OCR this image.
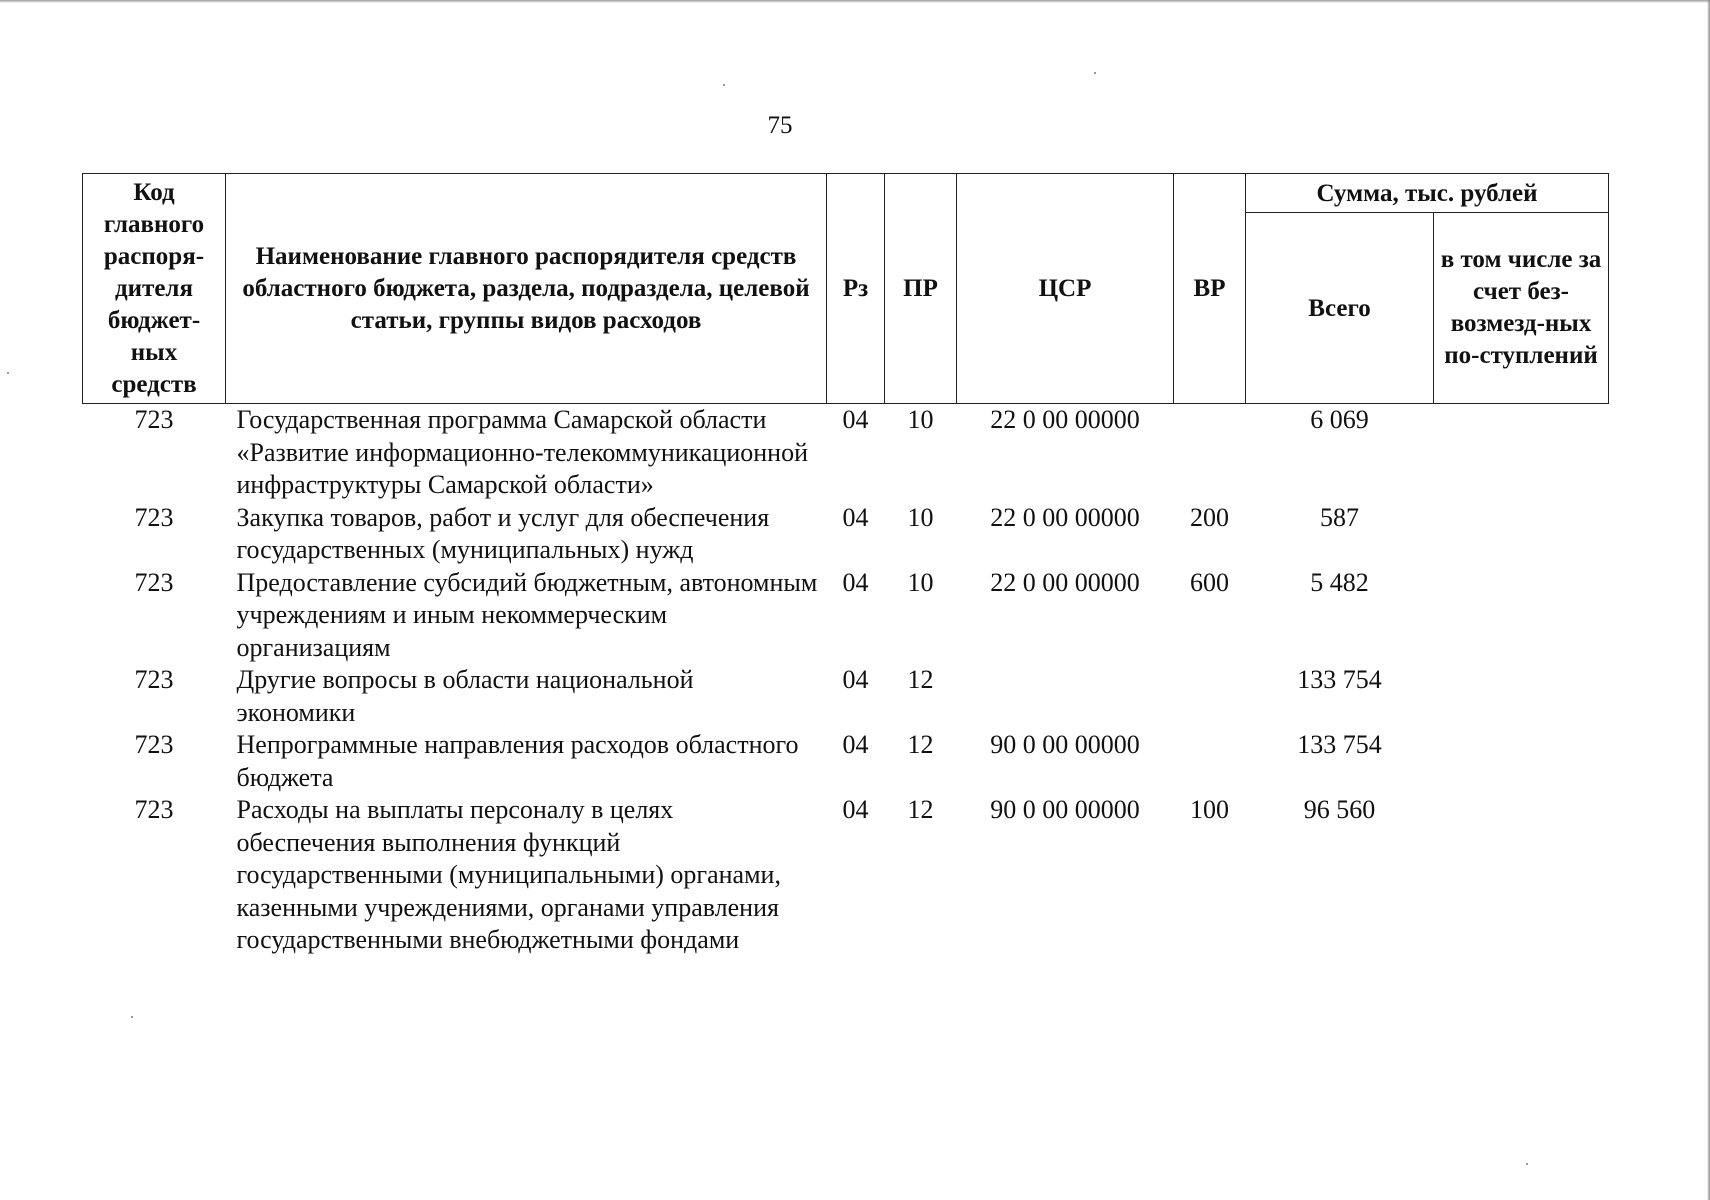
75
Код главного распоря-дителя бюджет-ных средств	Наименование главного распорядителя средств областного бюджета, раздела, подраздела, целевой статьи, группы видов расходов	Рз	ПР	ЦСР	ВР	Сумма, тыс. рублей	
						Всего	в том числе за счет без-возмезд-ных по-ступлений
723	Государственная программа Самарской области «Развитие информационно-телекоммуникационной инфраструктуры Самарской области»	04	10	22 0 00 00000		6 069	
723	Закупка товаров, работ и услуг для обеспечения государственных (муниципальных) нужд	04	10	22 0 00 00000	200	587	
723	Предоставление субсидий бюджетным, автономным учреждениям и иным некоммерческим организациям	04	10	22 0 00 00000	600	5 482	
723	Другие вопросы в области национальной экономики	04	12			133 754	
723	Непрограммные направления расходов областного бюджета	04	12	90 0 00 00000		133 754	
723	Расходы на выплаты персоналу в целях обеспечения выполнения функций государственными (муниципальными) органами, казенными учреждениями, органами управления государственными внебюджетными фондами	04	12	90 0 00 00000	100	96 560	
